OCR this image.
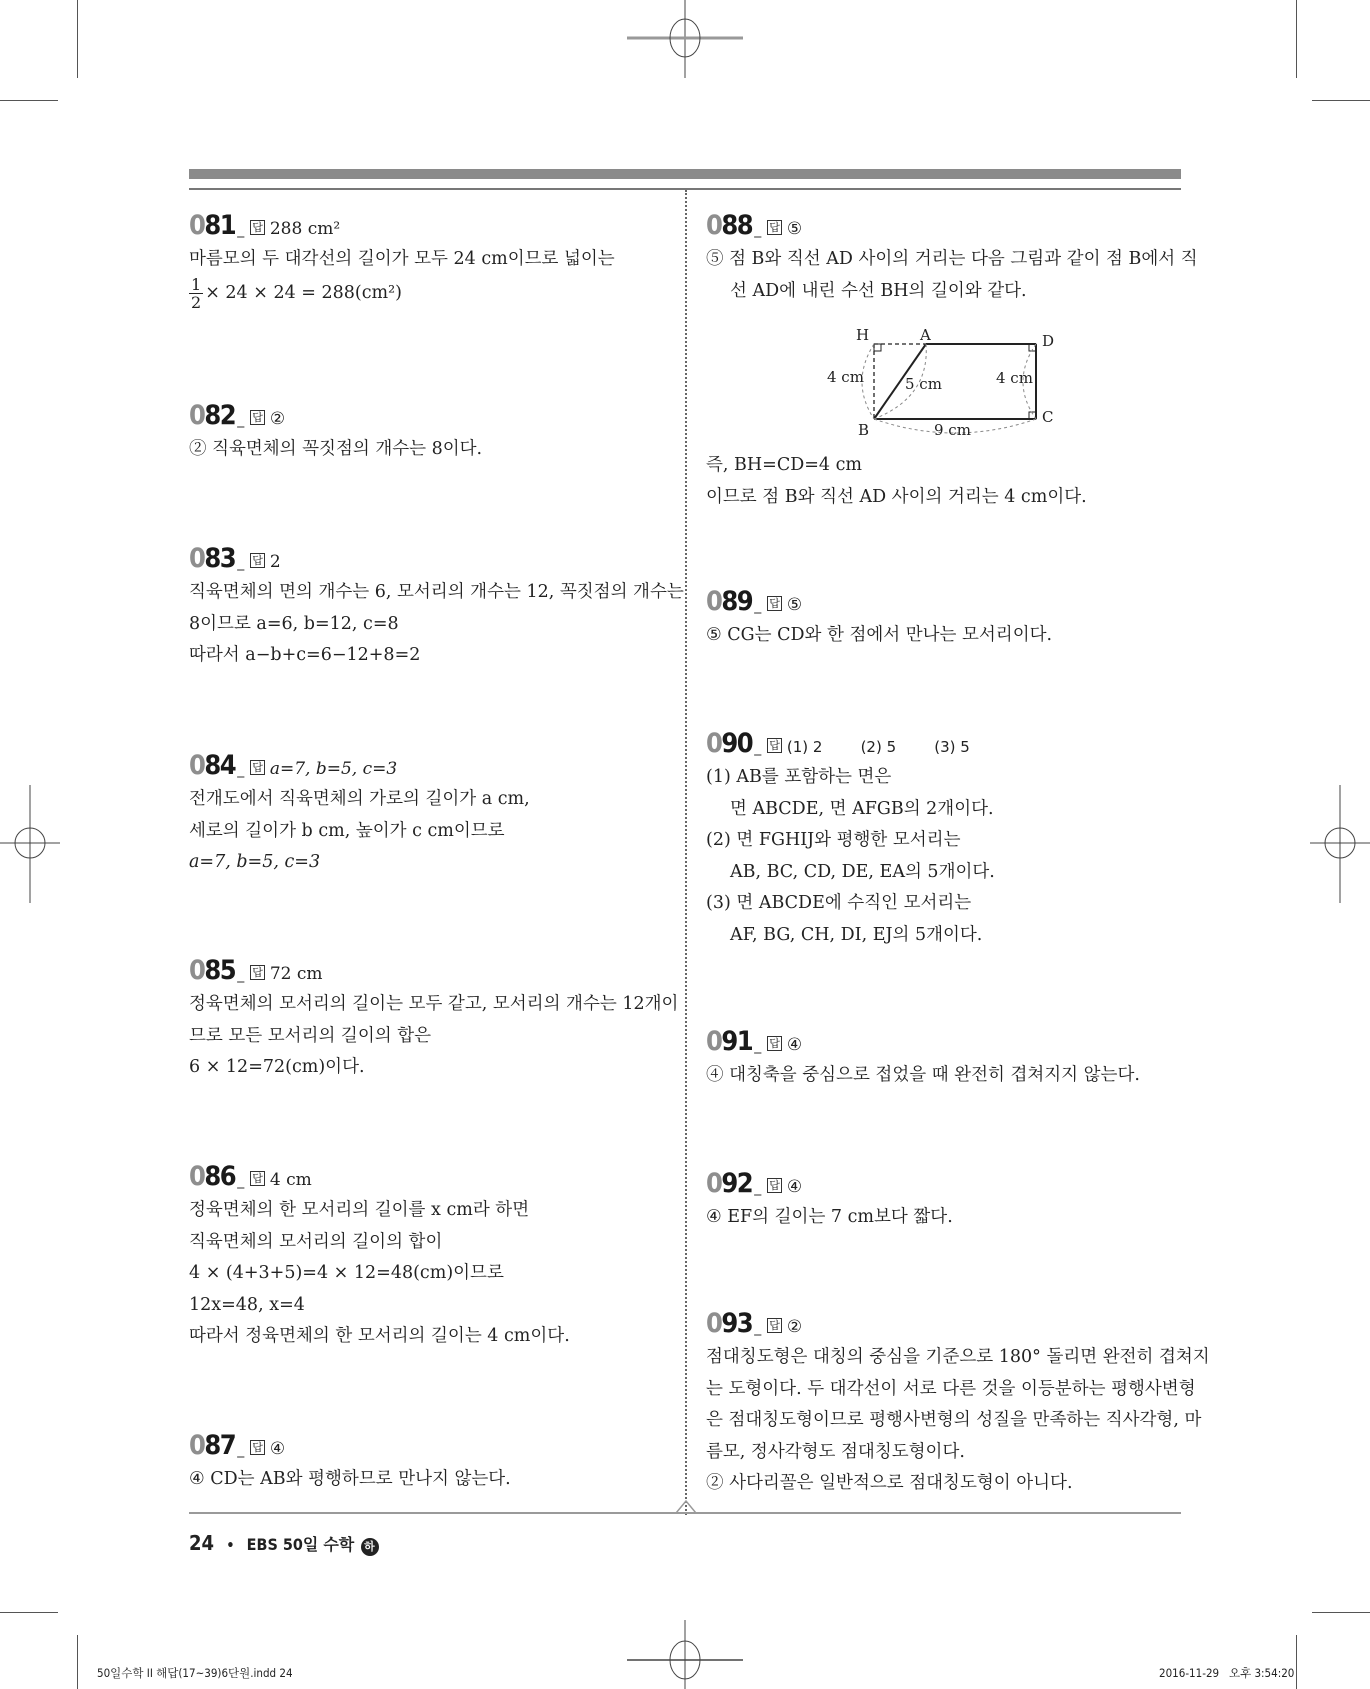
081 _ 답 288 cm²
마름모의 두 대각선의 길이가 모두 24 cm이므로 넓이는
$\frac{1}{2} \times 24 \times 24 = 288(cm^2)$
082 _ 답 ②
② 직육면체의 꼭짓점의 개수는 8이다.
083 _ 답 2
직육면체의 면의 개수는 6, 모서리의 개수는 12, 꼭짓점의 개수는
8이므로 a=6, b=12, c=8
따라서 a−b+c=6−12+8=2
084 _ 답 a=7, b=5, c=3
전개도에서 직육면체의 가로의 길이가 a cm,
세로의 길이가 b cm, 높이가 c cm이므로
a=7, b=5, c=3
085 _ 답 72 cm
정육면체의 모서리의 길이는 모두 같고, 모서리의 개수는 12개이
므로 모든 모서리의 길이의 합은
6 × 12=72(cm)이다.
086 _ 답 4 cm
정육면체의 한 모서리의 길이를 x cm라 하면
직육면체의 모서리의 길이의 합이
4 × (4+3+5)=4 × 12=48(cm)이므로
12x=48, x=4
따라서 정육면체의 한 모서리의 길이는 4 cm이다.
087 _ 답 ④
④ CD는 AB와 평행하므로 만나지 않는다.
088 _ 답 ⑤
⑤ 점 B와 직선 AD 사이의 거리는 다음 그림과 같이 점 B에서 직
선 AD에 내린 수선 BH의 길이와 같다.
H	A	D
B
C
4 cm	5 cm	4 cm
9 cm
즉, BH=CD=4 cm
이므로 점 B와 직선 AD 사이의 거리는 4 cm이다.
089 _ 답 ⑤
⑤ CG는 CD와 한 점에서 만나는 모서리이다.
090 _ 답 (1) 2        (2) 5        (3) 5
(1) AB를 포함하는 면은
면 ABCDE, 면 AFGB의 2개이다.
(2) 면 FGHIJ와 평행한 모서리는
AB, BC, CD, DE, EA의 5개이다.
(3) 면 ABCDE에 수직인 모서리는
AF, BG, CH, DI, EJ의 5개이다.
091 _ 답 ④
④ 대칭축을 중심으로 접었을 때 완전히 겹쳐지지 않는다.
092 _ 답 ④
④ EF의 길이는 7 cm보다 짧다.
093 _ 답 ②
점대칭도형은 대칭의 중심을 기준으로 180° 돌리면 완전히 겹쳐지
는 도형이다. 두 대각선이 서로 다른 것을 이등분하는 평행사변형
은 점대칭도형이므로 평행사변형의 성질을 만족하는 직사각형, 마
름모, 정사각형도 점대칭도형이다.
② 사다리꼴은 일반적으로 점대칭도형이 아니다.
24 • EBS 50일 수학 하
50일수학 II 해답(17~39)6단원.indd 24	2016-11-29   오후 3:54:20
